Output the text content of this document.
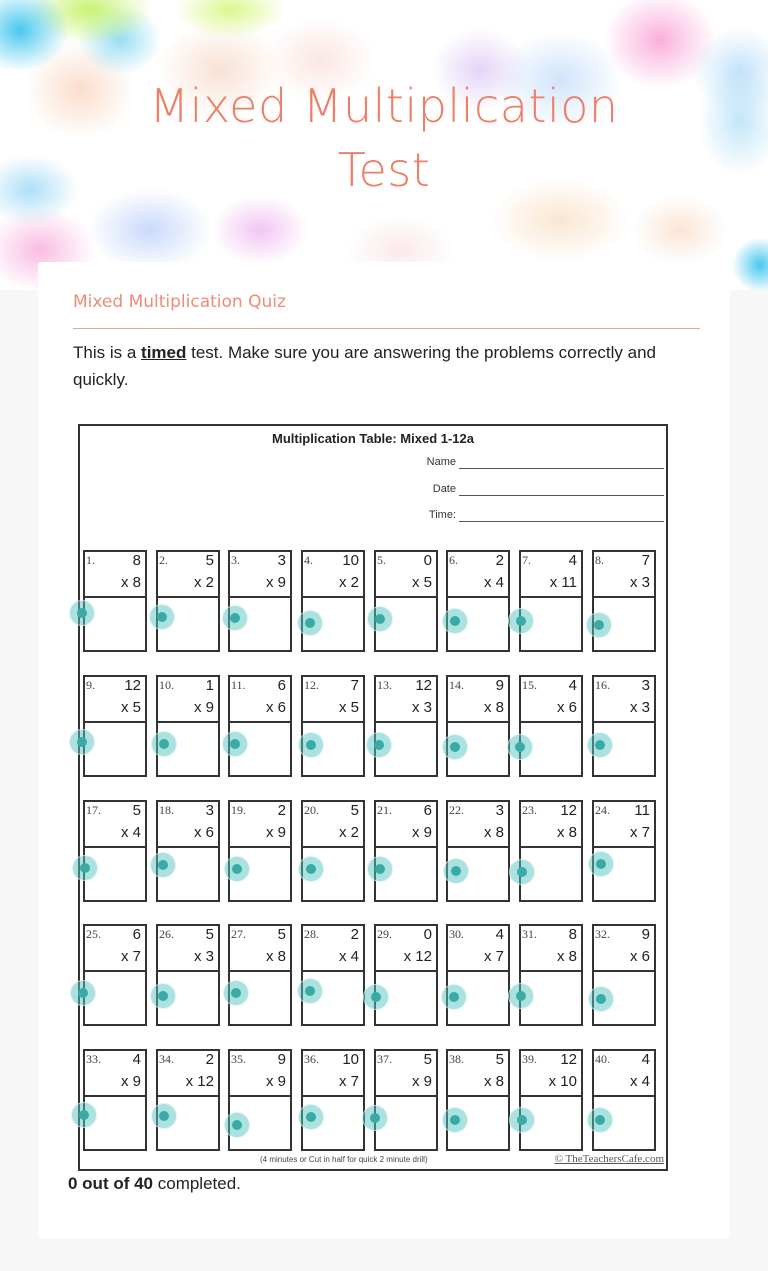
Mixed Multiplication
Test
Mixed Multiplication Quiz
This is a timed test. Make sure you are answering the problems correctly and quickly.
Multiplication Table: Mixed 1-12a
Name
Date
Time:
1.	8
x 8
2.	5
x 2
3.	3
x 9
4. 10
x 2
5.	0
x 5
6.	2
x 4
7.	4
x 11
8.	7
x 3
9. 12
x 5
10. 1
x 9
11. 6
x 6
12. 7
x 5
13. 12
x 3
14. 9
x 8
15. 4
x 6
16. 3
x 3
17. 5
x 4
18. 3
x 6
19. 2
x 9
20. 5
x 2
21. 6
x 9
22. 3
x 8
23. 12
x 8
24. 11
x 7
25. 6
x 7
26. 5
x 3
27. 5
x 8
28. 2
x 4
29. 0
x 12
30. 4
x 7
31. 8
x 8
32. 9
x 6
33. 4
x 9
34. 2
x 12
35. 9
x 9
36. 10
x 7
37. 5
x 9
38. 5
x 8
39. 12
x 10
40. 4
x 4
(4 minutes or Cut in half for quick 2 minute drill)	© TheTeachersCafe.com
0 out of 40 completed.
